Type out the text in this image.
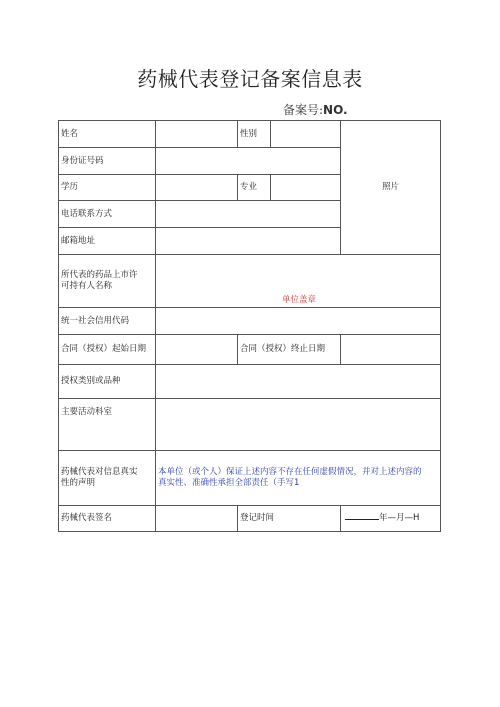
药械代表登记备案信息表
备案号:NO.
姓名		性别		照片
身份证号码				
学历		专业		
电话联系方式				
邮箱地址				

所代表的药品上市许
可持有人名称	单位盖章			

统一社会信用代码				
合同（授权）起始日期		合同（授权）终止日期		
授权类别或品种				
主要活动科室				

药械代表对信息真实
性的声明	本单位（或个人）保证上述内容不存在任何虚假情况，并对上述内容的
真实性、准确性承担全部责任（手写1			

药械代表签名		登记时间		年—月—H
